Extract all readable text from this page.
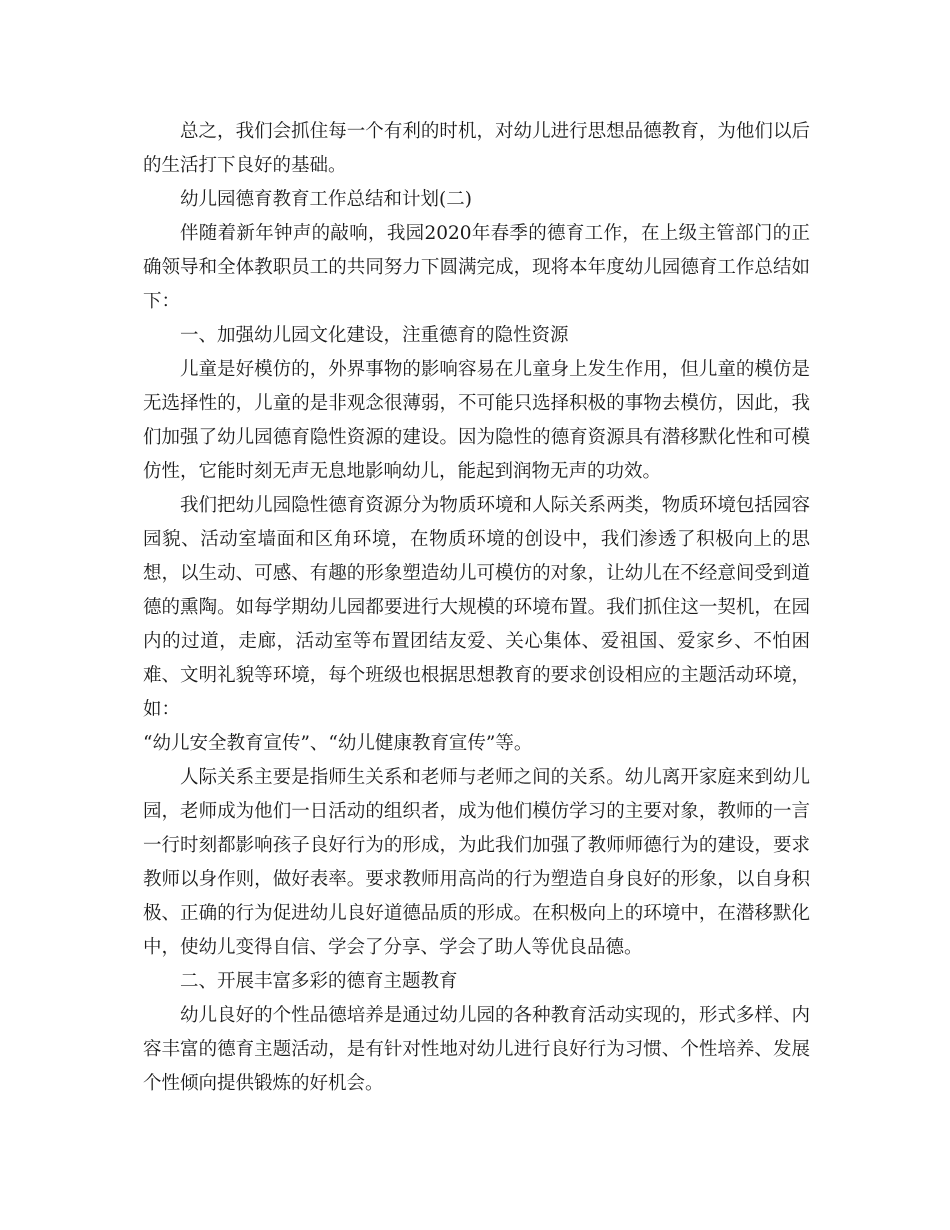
总之，我们会抓住每一个有利的时机，对幼儿进行思想品德教育，为他们以后的生活打下良好的基础。

幼儿园德育教育工作总结和计划(二)

伴随着新年钟声的敲响，我园2020年春季的德育工作，在上级主管部门的正确领导和全体教职员工的共同努力下圆满完成，现将本年度幼儿园德育工作总结如下：

一、加强幼儿园文化建设，注重德育的隐性资源

儿童是好模仿的，外界事物的影响容易在儿童身上发生作用，但儿童的模仿是无选择性的，儿童的是非观念很薄弱，不可能只选择积极的事物去模仿，因此，我们加强了幼儿园德育隐性资源的建设。因为隐性的德育资源具有潜移默化性和可模仿性，它能时刻无声无息地影响幼儿，能起到润物无声的功效。

我们把幼儿园隐性德育资源分为物质环境和人际关系两类，物质环境包括园容园貌、活动室墙面和区角环境，在物质环境的创设中，我们渗透了积极向上的思想，以生动、可感、有趣的形象塑造幼儿可模仿的对象，让幼儿在不经意间受到道德的熏陶。如每学期幼儿园都要进行大规模的环境布置。我们抓住这一契机，在园内的过道，走廊，活动室等布置团结友爱、关心集体、爱祖国、爱家乡、不怕困难、文明礼貌等环境，每个班级也根据思想教育的要求创设相应的主题活动环境，如：

“幼儿安全教育宣传”、“幼儿健康教育宣传”等。

人际关系主要是指师生关系和老师与老师之间的关系。幼儿离开家庭来到幼儿园，老师成为他们一日活动的组织者，成为他们模仿学习的主要对象，教师的一言一行时刻都影响孩子良好行为的形成，为此我们加强了教师师德行为的建设，要求教师以身作则，做好表率。要求教师用高尚的行为塑造自身良好的形象，以自身积极、正确的行为促进幼儿良好道德品质的形成。在积极向上的环境中，在潜移默化中，使幼儿变得自信、学会了分享、学会了助人等优良品德。

二、开展丰富多彩的德育主题教育

幼儿良好的个性品德培养是通过幼儿园的各种教育活动实现的，形式多样、内容丰富的德育主题活动，是有针对性地对幼儿进行良好行为习惯、个性培养、发展个性倾向提供锻炼的好机会。
